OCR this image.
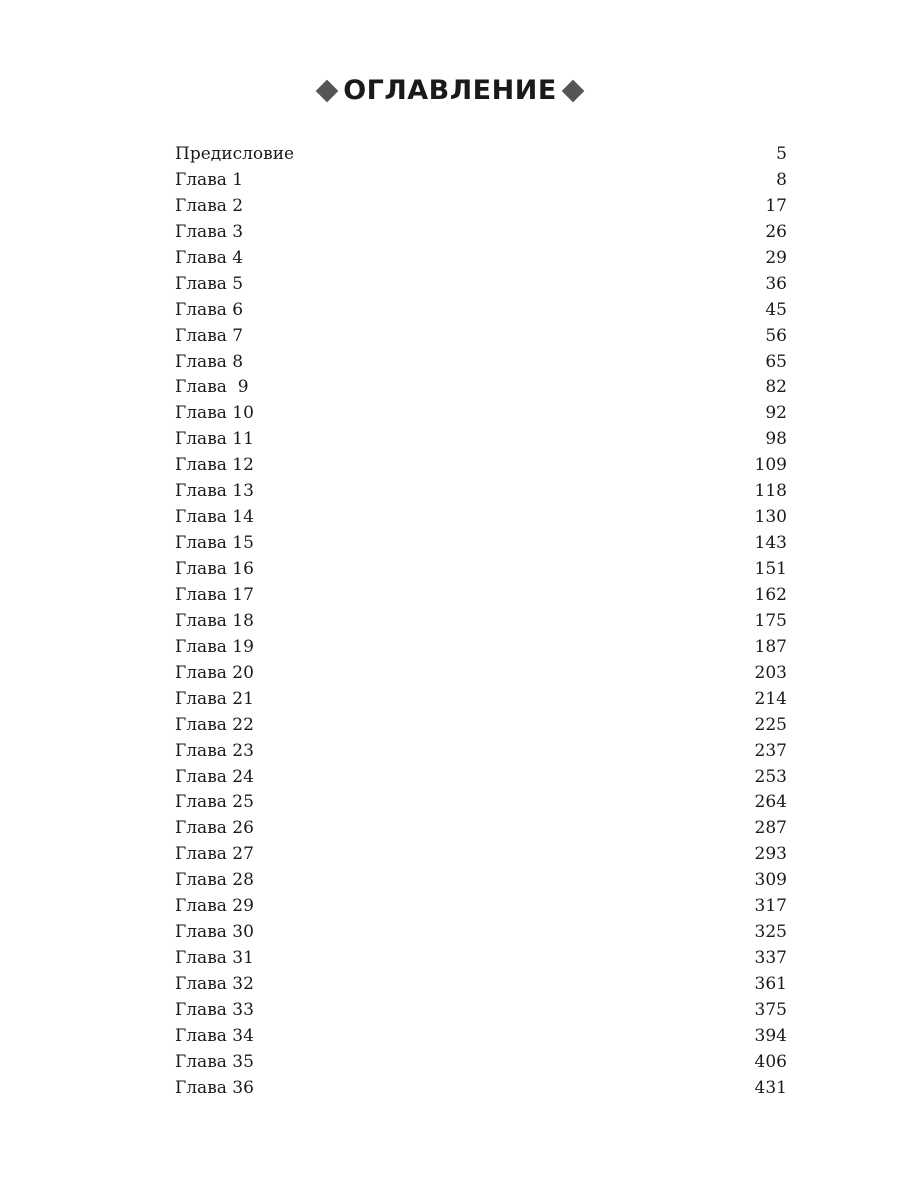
ОГЛАВЛЕНИЕ
Предисловие	5
Глава 1	8
Глава 2	17
Глава 3	26
Глава 4	29
Глава 5	36
Глава 6	45
Глава 7	56
Глава 8	65
Глава  9	82
Глава 10	92
Глава 11	98
Глава 12	109
Глава 13	118
Глава 14	130
Глава 15	143
Глава 16	151
Глава 17	162
Глава 18	175
Глава 19	187
Глава 20	203
Глава 21	214
Глава 22	225
Глава 23	237
Глава 24	253
Глава 25	264
Глава 26	287
Глава 27	293
Глава 28	309
Глава 29	317
Глава 30	325
Глава 31	337
Глава 32	361
Глава 33	375
Глава 34	394
Глава 35	406
Глава 36	431
